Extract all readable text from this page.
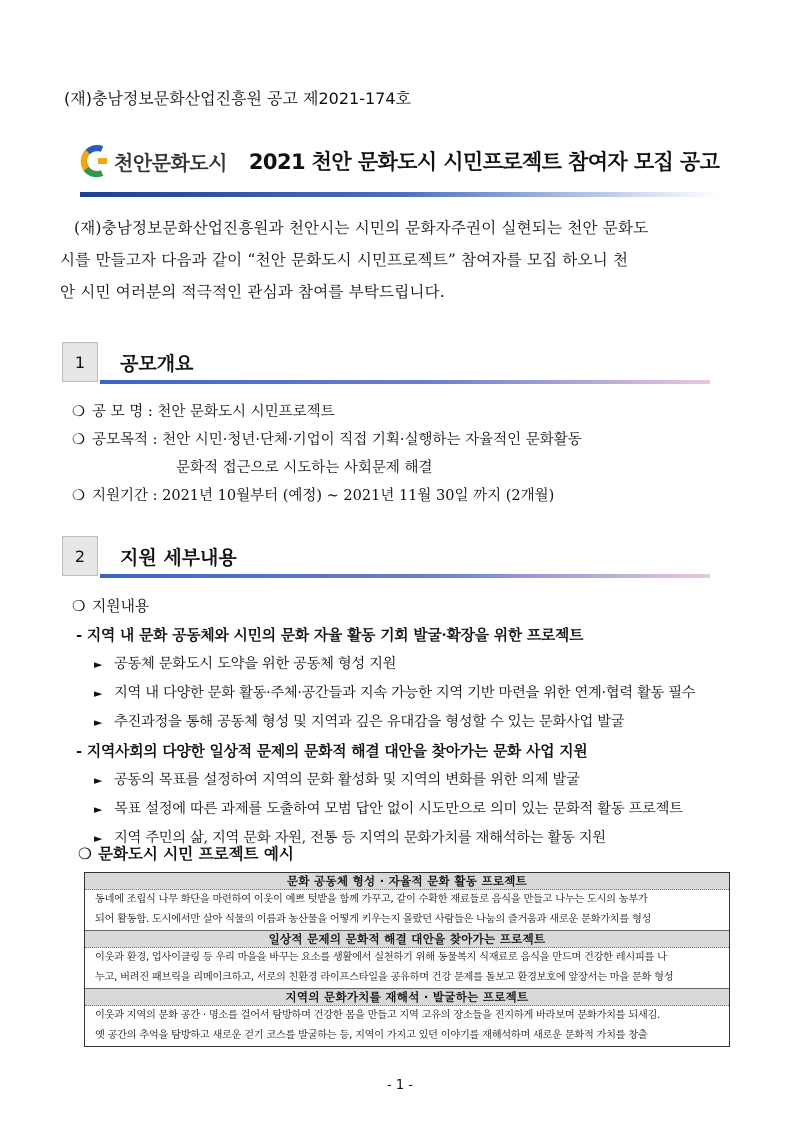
(재)충남정보문화산업진흥원 공고 제2021-174호
천안문화도시 2021 천안 문화도시 시민프로젝트 참여자 모집 공고

(재)충남정보문화산업진흥원과 천안시는 시민의 문화자주권이 실현되는 천안 문화도

시를 만들고자 다음과 같이 “천안 문화도시 시민프로젝트” 참여자를 모집 하오니 천
안 시민 여러분의 적극적인 관심과 참여를 부탁드립니다.
1	공모개요
❍ 공 모 명 : 천안 문화도시 시민프로젝트
❍ 공모목적 : 천안 시민·청년·단체·기업이 직접 기획·실행하는 자율적인 문화활동
문화적 접근으로 시도하는 사회문제 해결
❍ 지원기간 : 2021년 10월부터 (예정) ~ 2021년 11월 30일 까지 (2개월)
2	지원 세부내용
❍ 지원내용
- 지역 내 문화 공동체와 시민의 문화 자율 활동 기회 발굴·확장을 위한 프로젝트
► 공동체 문화도시 도약을 위한 공동체 형성 지원
► 지역 내 다양한 문화 활동·주체·공간들과 지속 가능한 지역 기반 마련을 위한 연계·협력 활동 필수
► 추진과정을 통해 공동체 형성 및 지역과 깊은 유대감을 형성할 수 있는 문화사업 발굴
- 지역사회의 다양한 일상적 문제의 문화적 해결 대안을 찾아가는 문화 사업 지원
► 공동의 목표를 설정하여 지역의 문화 활성화 및 지역의 변화를 위한 의제 발굴
► 목표 설정에 따른 과제를 도출하여 모범 답안 없이 시도만으로 의미 있는 문화적 활동 프로젝트
► 지역 주민의 삶, 지역 문화 자원, 전통 등 지역의 문화가치를 재해석하는 활동 지원
❍ 문화도시 시민 프로젝트 예시
문화 공동체 형성 · 자율적 문화 활동 프로젝트
동네에 조립식 나무 화단을 마련하여 이웃이 예쁘 텃밭을 함께 가꾸고, 같이 수확한 재료들로 음식을 만들고 나누는 도시의 농부가
되어 활동함. 도시에서만 살아 식물의 이름과 농산물을 어떻게 키우는지 몰랐던 사람들은 나눔의 즐거움과 새로운 문화가치를 형성
일상적 문제의 문화적 해결 대안을 찾아가는 프로젝트
이웃과 환경, 업사이클링 등 우리 마을을 바꾸는 요소를 생활에서 실천하기 위해 동물복지 식재료로 음식을 만드며 건강한 레시피를 나
누고, 버려진 패브릭을 리메이크하고, 서로의 친환경 라이프스타일을 공유하며 건강 문제를 돌보고 환경보호에 앞장서는 마을 문화 형성
지역의 문화가치를 재해석 · 발굴하는 프로젝트
이웃과 지역의 문화 공간 · 명소를 걸어서 탐방하며 건강한 몸을 만들고 지역 고유의 장소들을 진지하게 바라보며 문화가치를 되새김.
옛 공간의 추억을 탐방하고 새로운 걷기 코스를 발굴하는 등, 지역이 가지고 있던 이야기를 재해석하며 새로운 문화적 가치를 창출
- 1 -
